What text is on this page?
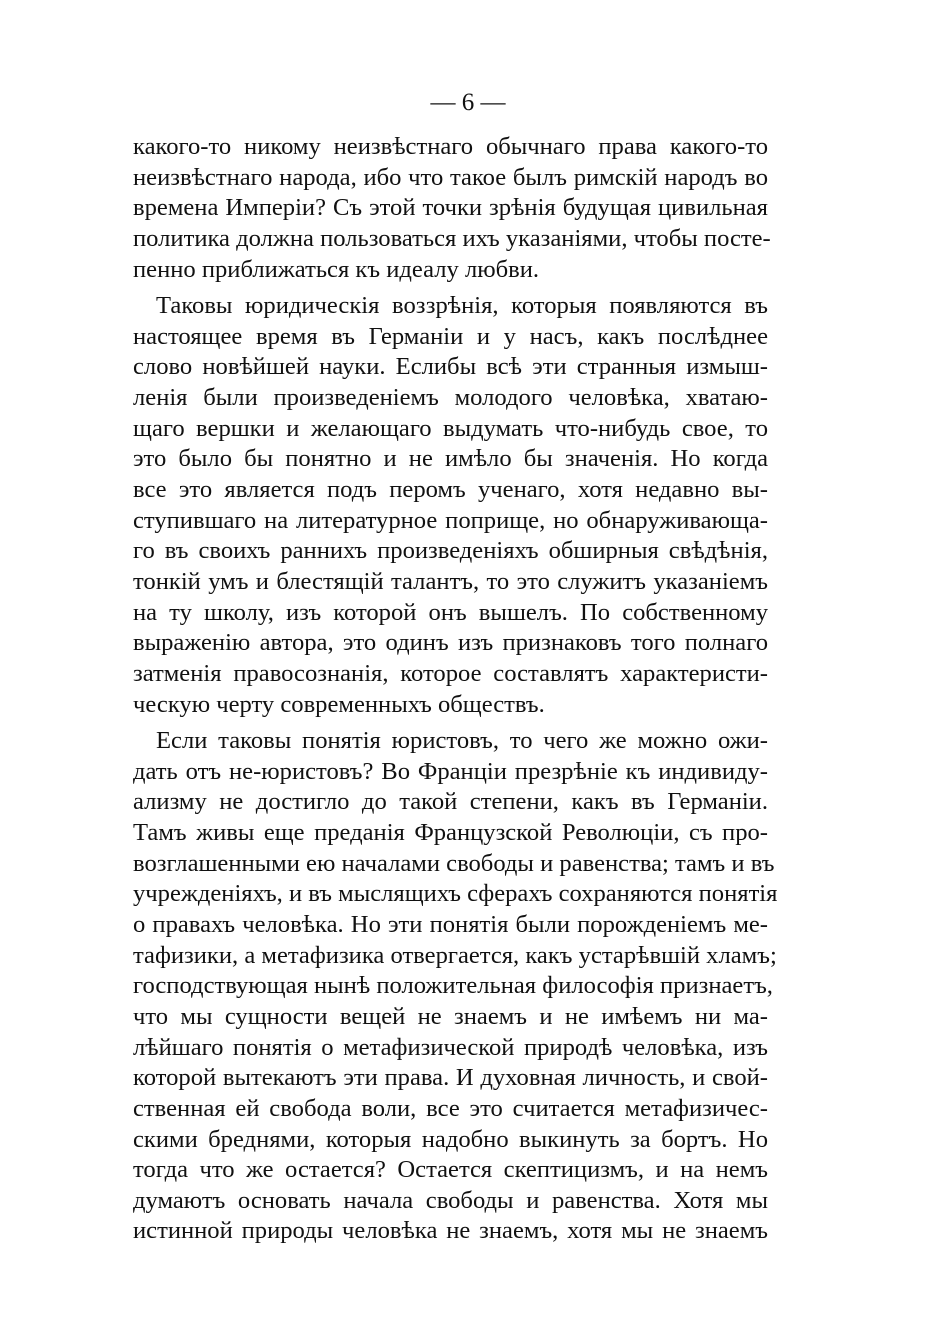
— 6 —
какого-то никому неизвѣстнаго обычнаго права какого-то
неизвѣстнаго народа, ибо что такое былъ римскій народъ во
времена Имперіи? Съ этой точки зрѣнія будущая цивильная
политика должна пользоваться ихъ указаніями, чтобы посте-
пенно приближаться къ идеалу любви.
Таковы юридическія воззрѣнія, которыя появляются въ
настоящее время въ Германіи и у насъ, какъ послѣднее
слово новѣйшей науки. Еслибы всѣ эти странныя измыш-
ленія были произведеніемъ молодого человѣка, хватаю-
щаго вершки и желающаго выдумать что-нибудь свое, то
это было бы понятно и не имѣло бы значенія. Но когда
все это является подъ перомъ ученаго, хотя недавно вы-
ступившаго на литературное поприще, но обнаруживающа-
го въ своихъ раннихъ произведеніяхъ обширныя свѣдѣнія,
тонкій умъ и блестящій талантъ, то это служитъ указаніемъ
на ту школу, изъ которой онъ вышелъ. По собственному
выраженію автора, это одинъ изъ признаковъ того полнаго
затменія правосознанія, которое составлятъ характеристи-
ческую черту современныхъ обществъ.
Если таковы понятія юристовъ, то чего же можно ожи-
дать отъ не-юристовъ? Во Франціи презрѣніе къ индивиду-
ализму не достигло до такой степени, какъ въ Германіи.
Тамъ живы еще преданія Французской Революціи, съ про-
возглашенными ею началами свободы и равенства; тамъ и въ
учрежденіяхъ, и въ мыслящихъ сферахъ сохраняются понятія
о правахъ человѣка. Но эти понятія были порожденіемъ ме-
тафизики, а метафизика отвергается, какъ устарѣвшій хламъ;
господствующая нынѣ положительная философія признаетъ,
что мы сущности вещей не знаемъ и не имѣемъ ни ма-
лѣйшаго понятія о метафизической природѣ человѣка, изъ
которой вытекаютъ эти права. И духовная личность, и свой-
ственная ей свобода воли, все это считается метафизичес-
скими бреднями, которыя надобно выкинуть за бортъ. Но
тогда что же остается? Остается скептицизмъ, и на немъ
думаютъ основать начала свободы и равенства. Хотя мы
истинной природы человѣка не знаемъ, хотя мы не знаемъ
